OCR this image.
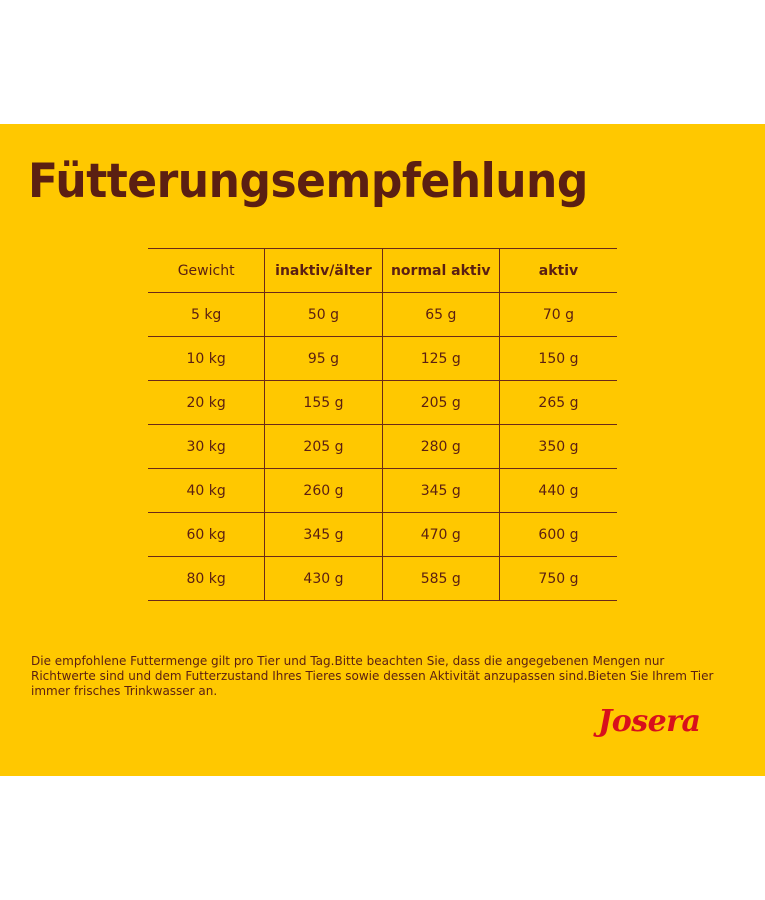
Fütterungsempfehlung
Gewicht	inaktiv/älter	normal aktiv	aktiv
5 kg	50 g	65 g	70 g
10 kg	95 g	125 g	150 g
20 kg	155 g	205 g	265 g
30 kg	205 g	280 g	350 g
40 kg	260 g	345 g	440 g
60 kg	345 g	470 g	600 g
80 kg	430 g	585 g	750 g
Die empfohlene Futtermenge gilt pro Tier und Tag.Bitte beachten Sie, dass die angegebenen Mengen nur Richtwerte sind und dem Futterzustand Ihres Tieres sowie dessen Aktivität anzupassen sind.Bieten Sie Ihrem Tier immer frisches Trinkwasser an.
Josera
